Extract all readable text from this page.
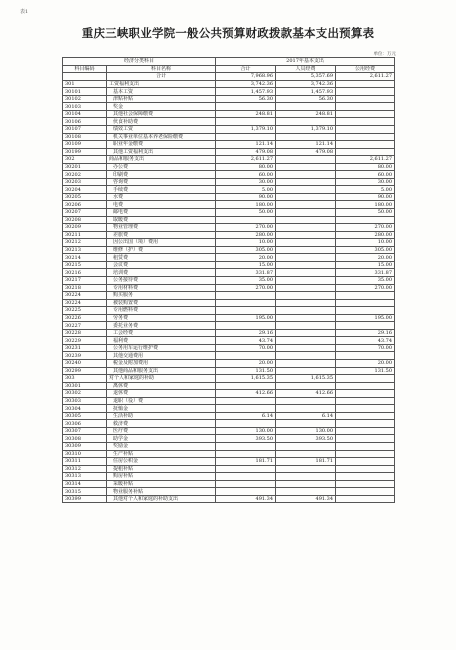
表1
重庆三峡职业学院一般公共预算财政拨款基本支出预算表
单位：万元
经济分类科目		2017年基本支出		
科目编码	科目名称	合计	人员经费	公用经费
	合计	7,968.96	5,357.69	2,611.27
301	工资福利支出	3,742.36	3,742.36	
30101	基本工资	1,457.93	1,457.93	
30102	津贴补贴	56.30	56.30	
30103	奖金			
30104	其他社会保障缴费	248.81	248.81	
30106	伙食补助费			
30107	绩效工资	1,379.10	1,379.10	
30108	机关事业单位基本养老保险缴费			
30109	职业年金缴费	121.14	121.14	
30199	其他工资福利支出	479.08	479.08	
302	商品和服务支出	2,611.27		2,611.27
30201	办公费	80.00		80.00
30202	印刷费	60.00		60.00
30203	咨询费	30.00		30.00
30204	手续费	5.00		5.00
30205	水费	90.00		90.00
30206	电费	180.00		180.00
30207	邮电费	50.00		50.00
30208	取暖费			
30209	物业管理费	270.00		270.00
30211	差旅费	280.00		280.00
30212	因公出国（境）费用	10.00		10.00
30213	维修（护）费	305.00		305.00
30214	租赁费	20.00		20.00
30215	会议费	15.00		15.00
30216	培训费	331.87		331.87
30217	公务接待费	35.00		35.00
30218	专用材料费	270.00		270.00
30224	购买服务			
30224	被装购置费			
30225	专用燃料费			
30226	劳务费	195.00		195.00
30227	委托业务费			
30228	工会经费	29.16		29.16
30229	福利费	43.74		43.74
30231	公务用车运行维护费	70.00		70.00
30239	其他交通费用			
30240	税金及附加费用	20.00		20.00
30299	其他商品和服务支出	131.50		131.50
303	对个人和家庭的补助	1,615.35	1,615.35	
30301	离休费			
30302	退休费	412.66	412.66	
30303	退职（役）费			
30304	抚恤金			
30305	生活补助	6.14	6.14	
30306	救济费			
30307	医疗费	130.00	130.00	
30308	助学金	393.50	393.50	
30309	奖励金			
30310	生产补贴			
30311	住房公积金	181.71	181.71	
30312	提租补贴			
30313	购房补贴			
30314	采暖补贴			
30315	物业服务补贴			
30399	其他对个人和家庭的补助支出	491.34	491.34	
